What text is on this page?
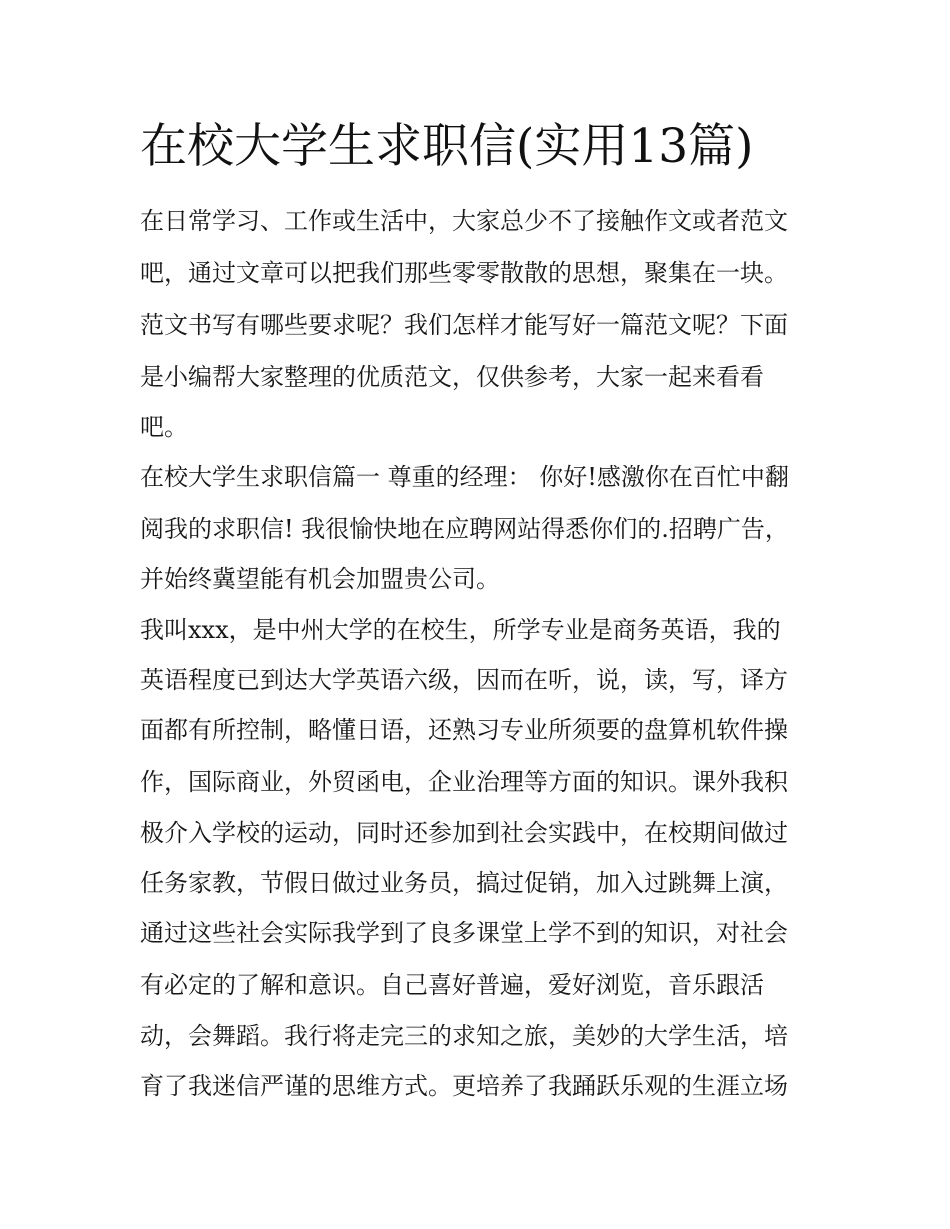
在校大学生求职信(实用13篇)

在日常学习、工作或生活中，大家总少不了接触作文或者范文

吧，通过文章可以把我们那些零零散散的思想，聚集在一块。

范文书写有哪些要求呢？我们怎样才能写好一篇范文呢？下面

是小编帮大家整理的优质范文，仅供参考，大家一起来看看

吧。

在校大学生求职信篇一 尊重的经理： 你好!感激你在百忙中翻

阅我的求职信! 我很愉快地在应聘网站得悉你们的.招聘广告，

并始终冀望能有机会加盟贵公司。

我叫xxx，是中州大学的在校生，所学专业是商务英语，我的

英语程度已到达大学英语六级，因而在听，说，读，写，译方

面都有所控制，略懂日语，还熟习专业所须要的盘算机软件操

作，国际商业，外贸函电，企业治理等方面的知识。课外我积

极介入学校的运动，同时还参加到社会实践中，在校期间做过

任务家教，节假日做过业务员，搞过促销，加入过跳舞上演，

通过这些社会实际我学到了良多课堂上学不到的知识，对社会

有必定的了解和意识。自己喜好普遍，爱好浏览，音乐跟活

动，会舞蹈。我行将走完三的求知之旅，美妙的大学生活，培

育了我迷信严谨的思维方式。更培养了我踊跃乐观的生涯立场
